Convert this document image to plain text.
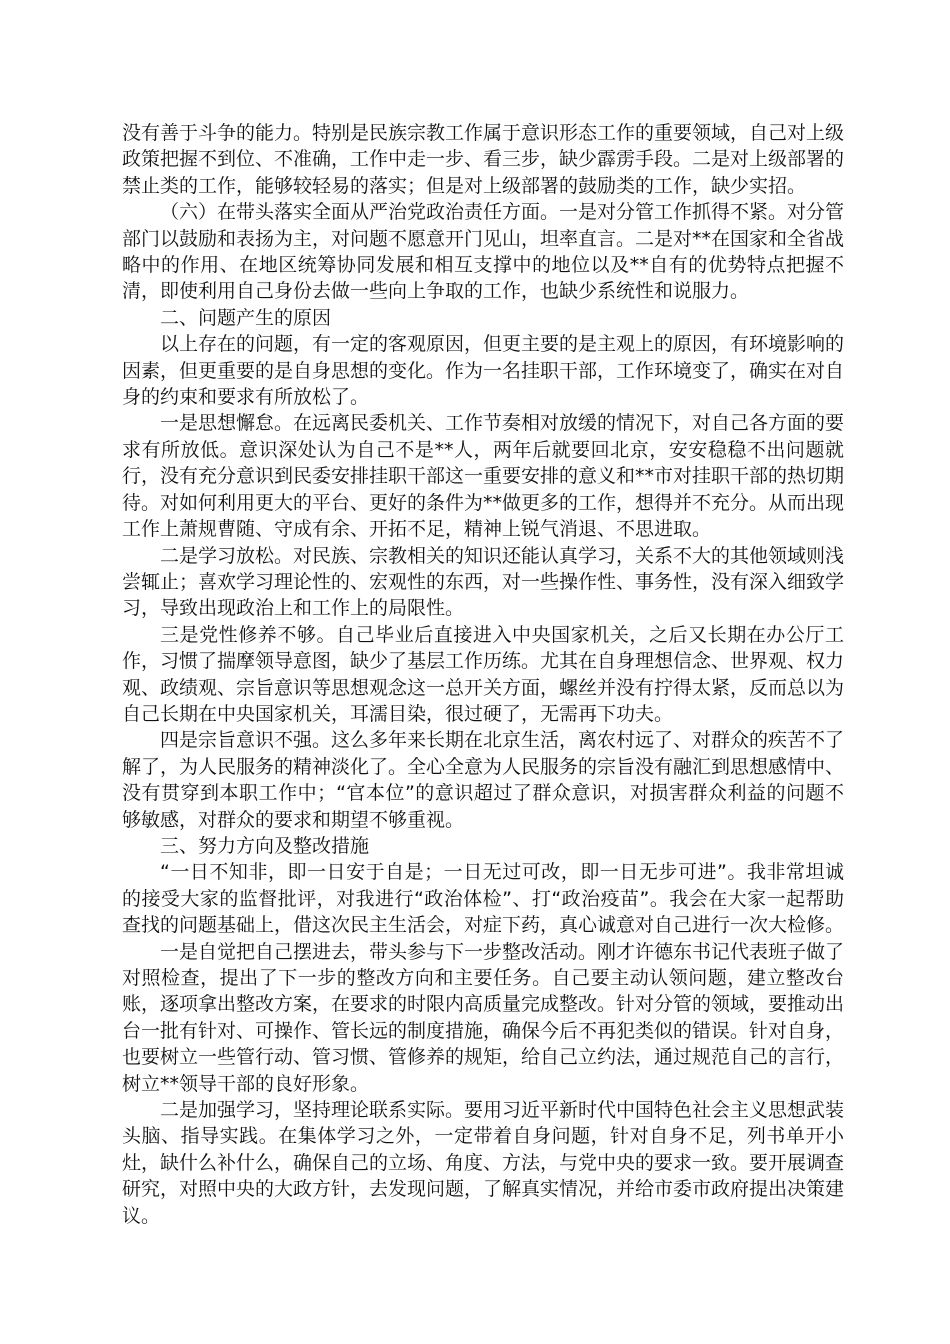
没有善于斗争的能力。特别是民族宗教工作属于意识形态工作的重要领域，自己对上级政策把握不到位、不准确，工作中走一步、看三步，缺少霹雳手段。二是对上级部署的禁止类的工作，能够较轻易的落实；但是对上级部署的鼓励类的工作，缺少实招。

（六）在带头落实全面从严治党政治责任方面。一是对分管工作抓得不紧。对分管部门以鼓励和表扬为主，对问题不愿意开门见山，坦率直言。二是对**在国家和全省战略中的作用、在地区统筹协同发展和相互支撑中的地位以及**自有的优势特点把握不清，即使利用自己身份去做一些向上争取的工作，也缺少系统性和说服力。

二、问题产生的原因

以上存在的问题，有一定的客观原因，但更主要的是主观上的原因，有环境影响的因素，但更重要的是自身思想的变化。作为一名挂职干部，工作环境变了，确实在对自身的约束和要求有所放松了。

一是思想懈怠。在远离民委机关、工作节奏相对放缓的情况下，对自己各方面的要求有所放低。意识深处认为自己不是**人，两年后就要回北京，安安稳稳不出问题就行，没有充分意识到民委安排挂职干部这一重要安排的意义和**市对挂职干部的热切期待。对如何利用更大的平台、更好的条件为**做更多的工作，想得并不充分。从而出现工作上萧规曹随、守成有余、开拓不足，精神上锐气消退、不思进取。

二是学习放松。对民族、宗教相关的知识还能认真学习，关系不大的其他领域则浅尝辄止；喜欢学习理论性的、宏观性的东西，对一些操作性、事务性，没有深入细致学习，导致出现政治上和工作上的局限性。

三是党性修养不够。自己毕业后直接进入中央国家机关，之后又长期在办公厅工作，习惯了揣摩领导意图，缺少了基层工作历练。尤其在自身理想信念、世界观、权力观、政绩观、宗旨意识等思想观念这一总开关方面，螺丝并没有拧得太紧，反而总以为自己长期在中央国家机关，耳濡目染，很过硬了，无需再下功夫。

四是宗旨意识不强。这么多年来长期在北京生活，离农村远了、对群众的疾苦不了解了，为人民服务的精神淡化了。全心全意为人民服务的宗旨没有融汇到思想感情中、没有贯穿到本职工作中；“官本位”的意识超过了群众意识，对损害群众利益的问题不够敏感，对群众的要求和期望不够重视。

三、努力方向及整改措施

“一日不知非，即一日安于自是；一日无过可改，即一日无步可进”。我非常坦诚的接受大家的监督批评，对我进行“政治体检”、打“政治疫苗”。我会在大家一起帮助查找的问题基础上，借这次民主生活会，对症下药，真心诚意对自己进行一次大检修。

一是自觉把自己摆进去，带头参与下一步整改活动。刚才许德东书记代表班子做了对照检查，提出了下一步的整改方向和主要任务。自己要主动认领问题，建立整改台账，逐项拿出整改方案，在要求的时限内高质量完成整改。针对分管的领域，要推动出台一批有针对、可操作、管长远的制度措施，确保今后不再犯类似的错误。针对自身，也要树立一些管行动、管习惯、管修养的规矩，给自己立约法，通过规范自己的言行，树立**领导干部的良好形象。

二是加强学习，坚持理论联系实际。要用习近平新时代中国特色社会主义思想武装头脑、指导实践。在集体学习之外，一定带着自身问题，针对自身不足，列书单开小灶，缺什么补什么，确保自己的立场、角度、方法，与党中央的要求一致。要开展调查研究，对照中央的大政方针，去发现问题，了解真实情况，并给市委市政府提出决策建议。
